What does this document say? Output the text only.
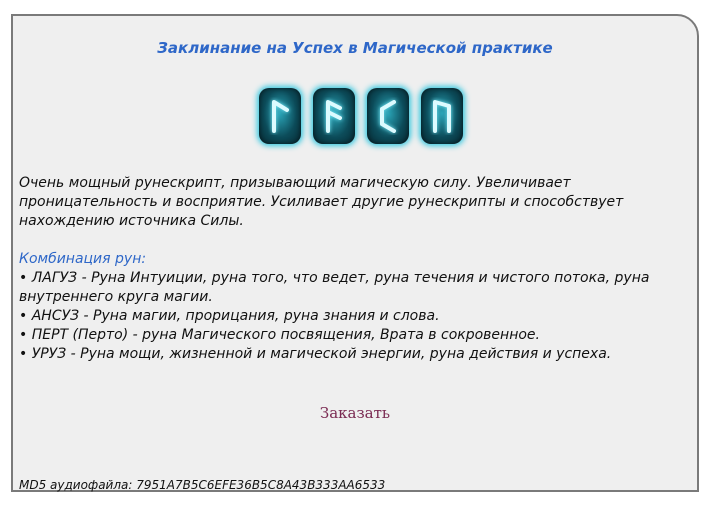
Заклинание на Успех в Магической практике
Очень мощный рунескрипт, призывающий магическую силу. Увеличивает проницательность и восприятие. Усиливает другие рунескрипты и способствует нахождению источника Силы.
Комбинация рун:
• ЛАГУЗ - Руна Интуиции, руна того, что ведет, руна течения и чистого потока, руна внутреннего круга магии.
• АНСУЗ - Руна магии, прорицания, руна знания и слова.
• ПЕРТ (Перто) - руна Магического посвящения, Врата в сокровенное.
• УРУЗ - Руна мощи, жизненной и магической энергии, руна действия и успеха.
Заказать
MD5 аудиофайла: 7951A7B5C6EFE36B5C8A43B333AA6533
